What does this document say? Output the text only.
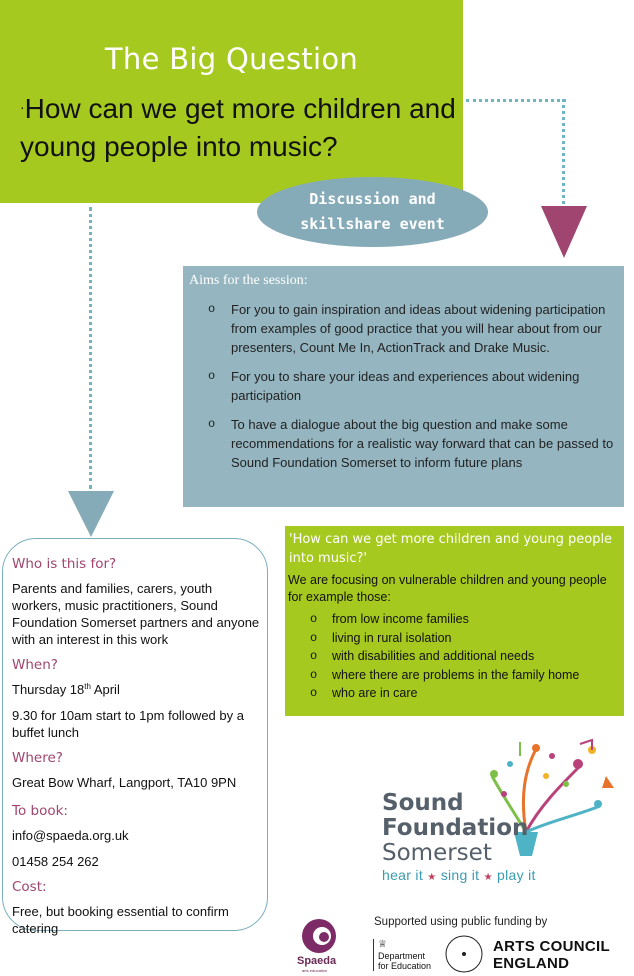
The Big Question
·How can we get more children and young people into music?
Discussion and skillshare event
Aims for the session:
o For you to gain inspiration and ideas about widening participation from examples of good practice that you will hear about from our presenters, Count Me In, ActionTrack and Drake Music.
o For you to share your ideas and experiences about widening participation
o To have a dialogue about the big question and make some recommendations for a realistic way forward that can be passed to Sound Foundation Somerset to inform future plans
Who is this for?
Parents and families, carers, youth workers, music practitioners, Sound Foundation Somerset partners and anyone with an interest in this work
When?
Thursday 18th April
9.30 for 10am start to 1pm followed by a buffet lunch
Where?
Great Bow Wharf, Langport, TA10 9PN
To book:
info@spaeda.org.uk
01458 254 262
Cost:
Free, but booking essential to confirm catering
'How can we get more children and young people into music?'
We are focusing on vulnerable children and young people for example those:
o from low income families
o living in rural isolation
o with disabilities and additional needs
o where there are problems in the family home
o who are in care
Sound
Foundation
Somerset
hear it ★ sing it ★ play it
Spaeda
arts education
Supported using public funding by
♕
Department for Education
ARTS COUNCIL
ENGLAND
